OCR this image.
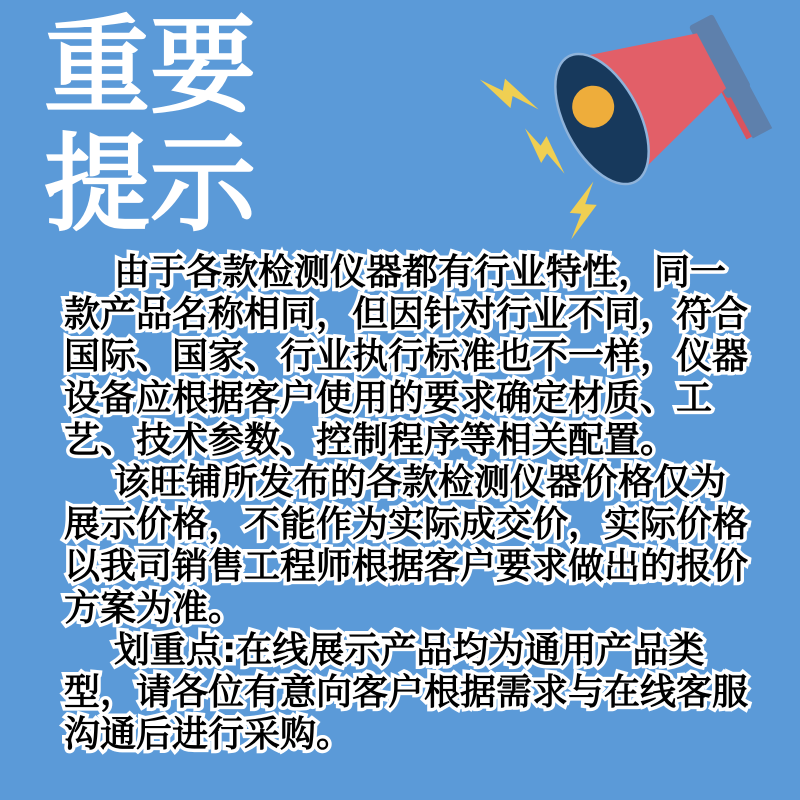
重要
提示
由于各款检测仪器都有行业特性，同一
款产品名称相同，但因针对行业不同，符合
国际、国家、行业执行标准也不一样，仪器
设备应根据客户使用的要求确定材质、工
艺、技术参数、控制程序等相关配置。
该旺铺所发布的各款检测仪器价格仅为
展示价格，不能作为实际成交价，实际价格
以我司销售工程师根据客户要求做出的报价
方案为准。
划重点:在线展示产品均为通用产品类
型，请各位有意向客户根据需求与在线客服
沟通后进行采购。
